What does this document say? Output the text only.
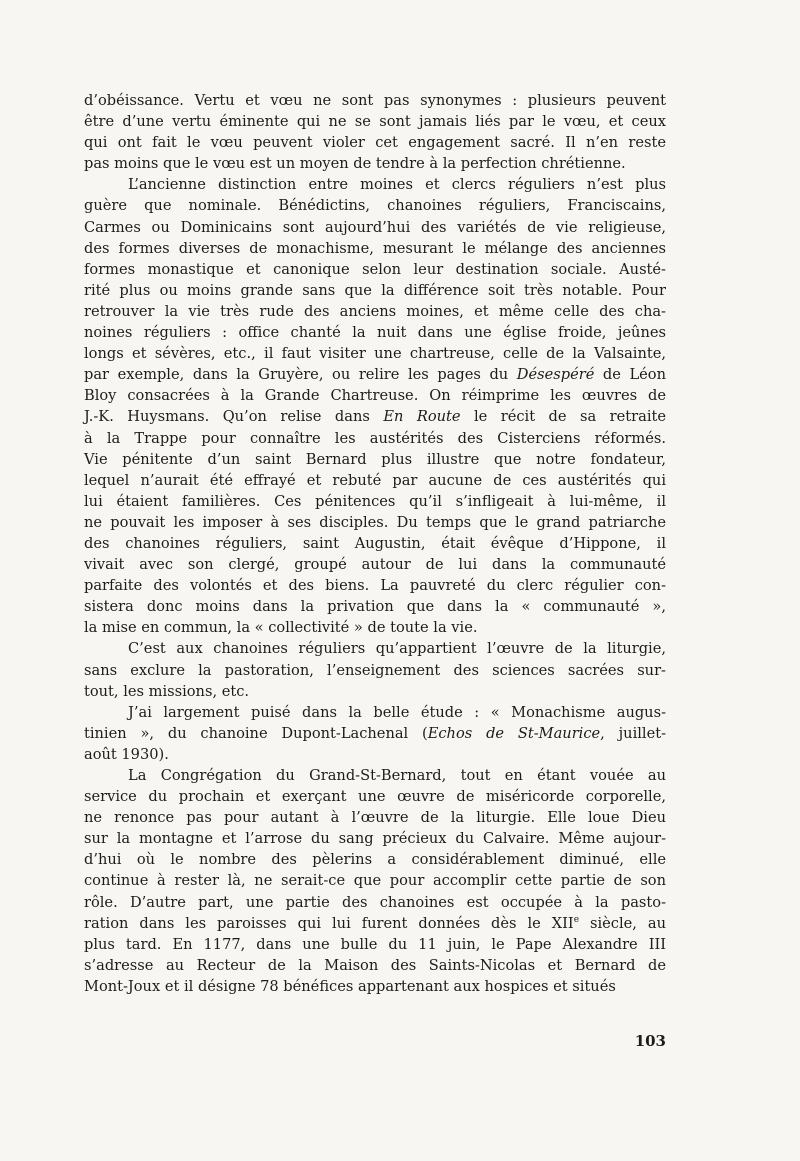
d’obéissance. Vertu et vœu ne sont pas synonymes : plusieurs peuvent
être d’une vertu éminente qui ne se sont jamais liés par le vœu, et ceux
qui ont fait le vœu peuvent violer cet engagement sacré. Il n’en reste
pas moins que le vœu est un moyen de tendre à la perfection chrétienne.
L’ancienne distinction entre moines et clercs réguliers n’est plus
guère que nominale. Bénédictins, chanoines réguliers, Franciscains,
Carmes ou Dominicains sont aujourd’hui des variétés de vie religieuse,
des formes diverses de monachisme, mesurant le mélange des anciennes
formes monastique et canonique selon leur destination sociale. Austé-
rité plus ou moins grande sans que la différence soit très notable. Pour
retrouver la vie très rude des anciens moines, et même celle des cha-
noines réguliers : office chanté la nuit dans une église froide, jeûnes
longs et sévères, etc., il faut visiter une chartreuse, celle de la Valsainte,
par exemple, dans la Gruyère, ou relire les pages du Désespéré de Léon
Bloy consacrées à la Grande Chartreuse. On réimprime les œuvres de
J.-K. Huysmans. Qu’on relise dans En Route le récit de sa retraite
à la Trappe pour connaître les austérités des Cisterciens réformés.
Vie pénitente d’un saint Bernard plus illustre que notre fondateur,
lequel n’aurait été effrayé et rebuté par aucune de ces austérités qui
lui étaient familières. Ces pénitences qu’il s’infligeait à lui-même, il
ne pouvait les imposer à ses disciples. Du temps que le grand patriarche
des chanoines réguliers, saint Augustin, était évêque d’Hippone, il
vivait avec son clergé, groupé autour de lui dans la communauté
parfaite des volontés et des biens. La pauvreté du clerc régulier con-
sistera donc moins dans la privation que dans la « communauté »,
la mise en commun, la « collectivité » de toute la vie.
C’est aux chanoines réguliers qu’appartient l’œuvre de la liturgie,
sans exclure la pastoration, l’enseignement des sciences sacrées sur-
tout, les missions, etc.
J’ai largement puisé dans la belle étude : « Monachisme augus-
tinien », du chanoine Dupont-Lachenal (Echos de St-Maurice, juillet-
août 1930).
La Congrégation du Grand-St-Bernard, tout en étant vouée au
service du prochain et exerçant une œuvre de miséricorde corporelle,
ne renonce pas pour autant à l’œuvre de la liturgie. Elle loue Dieu
sur la montagne et l’arrose du sang précieux du Calvaire. Même aujour-
d’hui où le nombre des pèlerins a considérablement diminué, elle
continue à rester là, ne serait-ce que pour accomplir cette partie de son
rôle. D’autre part, une partie des chanoines est occupée à la pasto-
ration dans les paroisses qui lui furent données dès le XIIe siècle, au
plus tard. En 1177, dans une bulle du 11 juin, le Pape Alexandre III
s’adresse au Recteur de la Maison des Saints-Nicolas et Bernard de
Mont-Joux et il désigne 78 bénéfices appartenant aux hospices et situés
103
